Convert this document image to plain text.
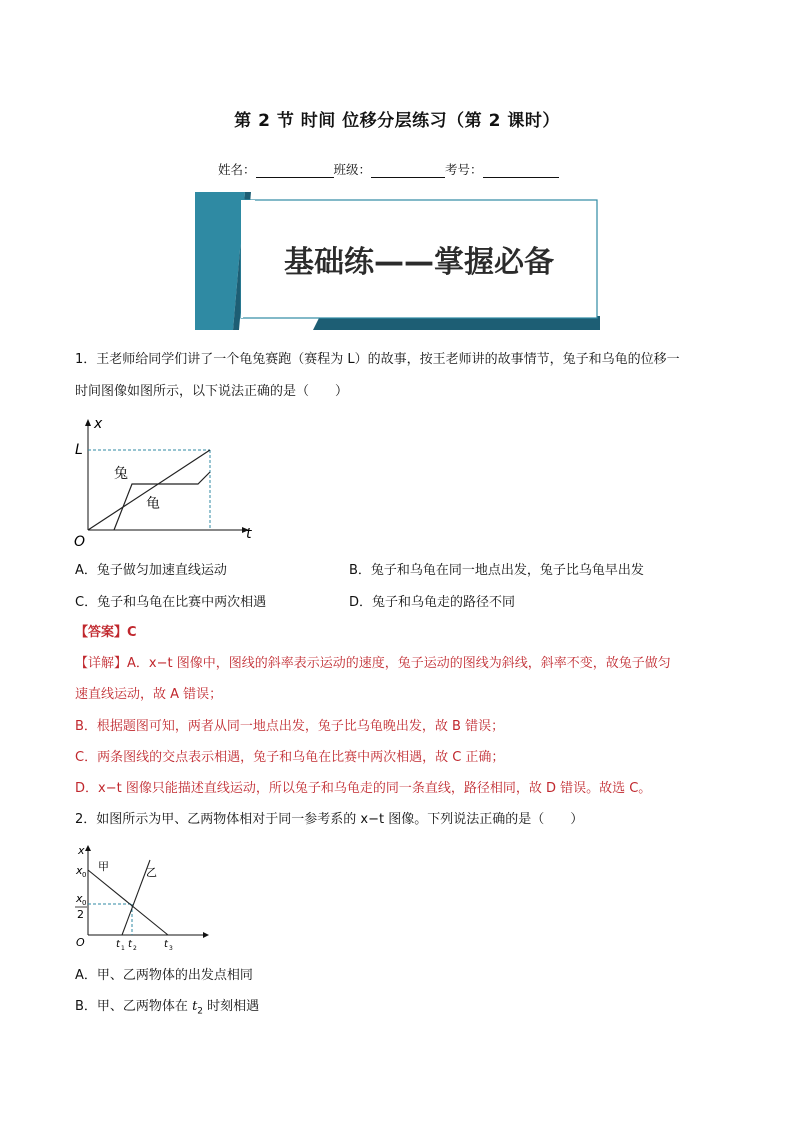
第 2 节 时间 位移分层练习（第 2 课时）
姓名：	班级：	考号：
基础练——掌握必备
1．王老师给同学们讲了一个龟兔赛跑（赛程为 L）的故事，按王老师讲的故事情节，兔子和乌龟的位移一
时间图像如图所示，以下说法正确的是（　　）
t
x
L
O
兔
龟
A．兔子做匀加速直线运动	B．兔子和乌龟在同一地点出发，兔子比乌龟早出发
C．兔子和乌龟在比赛中两次相遇	D．兔子和乌龟走的路径不同
【答案】C
【详解】A．x−t 图像中，图线的斜率表示运动的速度，兔子运动的图线为斜线，斜率不变，故兔子做匀
速直线运动，故 A 错误；
B．根据题图可知，两者从同一地点出发，兔子比乌龟晚出发，故 B 错误；
C．两条图线的交点表示相遇，兔子和乌龟在比赛中两次相遇，故 C 正确；
D．x−t 图像只能描述直线运动，所以兔子和乌龟走的同一条直线，路径相同，故 D 错误。故选 C。
2．如图所示为甲、乙两物体相对于同一参考系的 x−t 图像。下列说法正确的是（　　）
x
x 0
x 0
2
甲	乙
O	t 1 t 2	t 3
A．甲、乙两物体的出发点相同
B．甲、乙两物体在 $t_2$ 时刻相遇
